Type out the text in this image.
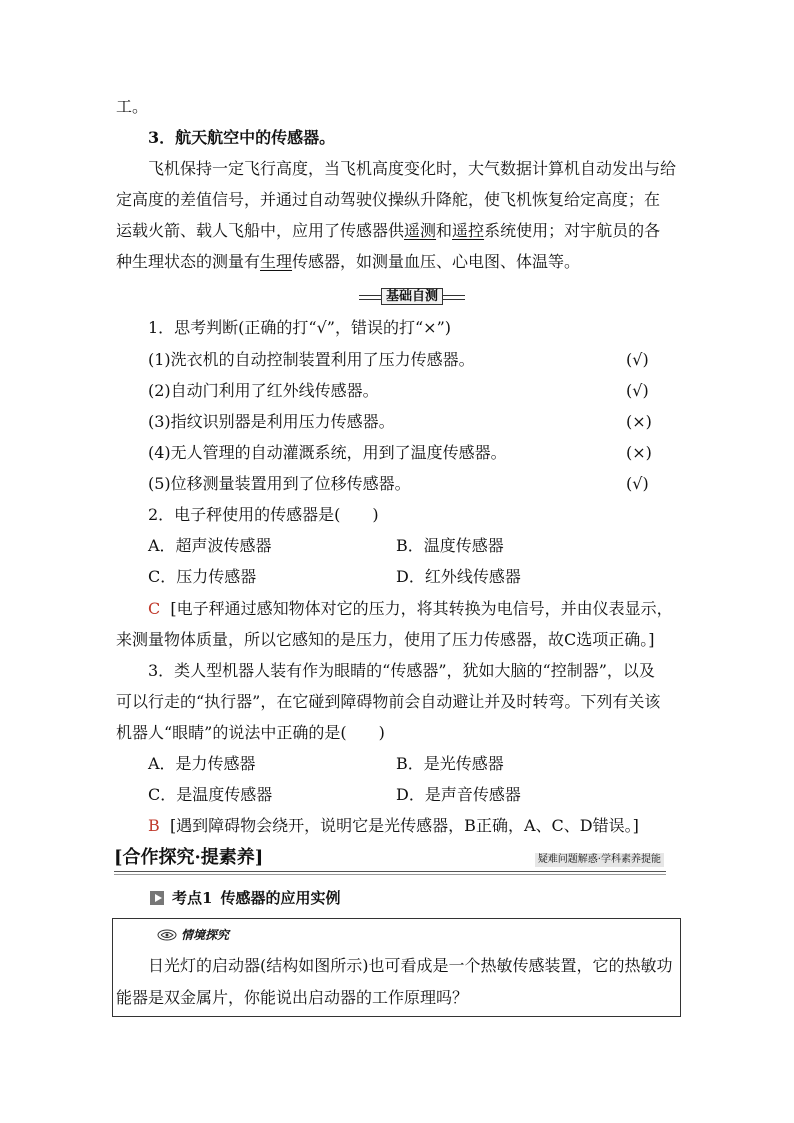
工。
3．航天航空中的传感器。
飞机保持一定飞行高度，当飞机高度变化时，大气数据计算机自动发出与给
定高度的差值信号，并通过自动驾驶仪操纵升降舵，使飞机恢复给定高度；在
运载火箭、载人飞船中，应用了传感器供遥测和遥控系统使用；对宇航员的各
种生理状态的测量有生理传感器，如测量血压、心电图、体温等。
基础自测
1．思考判断(正确的打“√”，错误的打“×”)
(1)洗衣机的自动控制装置利用了压力传感器。	(√)
(2)自动门利用了红外线传感器。	(√)
(3)指纹识别器是利用压力传感器。	(×)
(4)无人管理的自动灌溉系统，用到了温度传感器。	(×)
(5)位移测量装置用到了位移传感器。	(√)
2．电子秤使用的传感器是(　　)
A．超声波传感器	B．温度传感器
C．压力传感器	D．红外线传感器
C [电子秤通过感知物体对它的压力，将其转换为电信号，并由仪表显示，
来测量物体质量，所以它感知的是压力，使用了压力传感器，故C选项正确。]
3．类人型机器人装有作为眼睛的“传感器”，犹如大脑的“控制器”，以及
可以行走的“执行器”，在它碰到障碍物前会自动避让并及时转弯。下列有关该
机器人“眼睛”的说法中正确的是(　　)
A．是力传感器	B．是光传感器
C．是温度传感器	D．是声音传感器
B [遇到障碍物会绕开，说明它是光传感器，B正确，A、C、D错误。]
[合作探究·提素养]	疑难问题解惑·学科素养提能
考点1 传感器的应用实例
情境探究
日光灯的启动器(结构如图所示)也可看成是一个热敏传感装置，它的热敏功
能器是双金属片，你能说出启动器的工作原理吗？
